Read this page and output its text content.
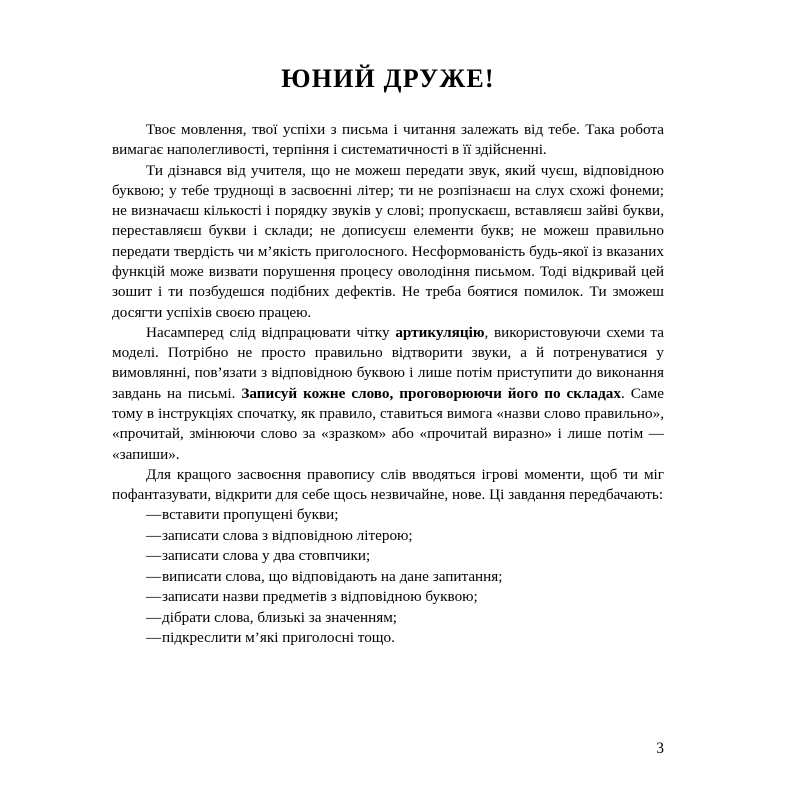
ЮНИЙ ДРУЖЕ!

Твоє мовлення, твої успіхи з письма і читання залежать від тебе. Така робота вимагає наполегливості, терпіння і систематичності в її здійсненні.

Ти дізнався від учителя, що не можеш передати звук, який чуєш, відповідною буквою; у тебе труднощі в засвоєнні літер; ти не розпізнаєш на слух схожі фонеми; не визначаєш кількості і порядку звуків у слові; пропускаєш, вставляєш зайві букви, переставляєш букви і склади; не дописуєш елементи букв; не можеш правильно передати твердість чи м’якість приголосного. Несформованість будь-якої із вказаних функцій може визвати порушення процесу оволодіння письмом. Тоді відкривай цей зошит і ти позбудешся подібних дефектів. Не треба боятися помилок. Ти зможеш досягти успіхів своєю працею.

Насамперед слід відпрацювати чітку артикуляцію, використовуючи схеми та моделі. Потрібно не просто правильно відтворити звуки, а й потренуватися у вимовлянні, пов’язати з відповідною буквою і лише потім приступити до виконання завдань на письмі. Записуй кожне слово, проговорюючи його по складах. Саме тому в інструкціях спочатку, як правило, ставиться вимога «назви слово правильно», «прочитай, змінюючи слово за «зразком» або «прочитай виразно» і лише потім — «запиши».

Для кращого засвоєння правопису слів вводяться ігрові моменти, щоб ти міг пофантазувати, відкрити для себе щось незвичайне, нове. Ці завдання передбачають:

—вставити пропущені букви;
—записати слова з відповідною літерою;
—записати слова у два стовпчики;
—виписати слова, що відповідають на дане запитання;
—записати назви предметів з відповідною буквою;
—дібрати слова, близькі за значенням;
—підкреслити м’які приголосні тощо.
3
